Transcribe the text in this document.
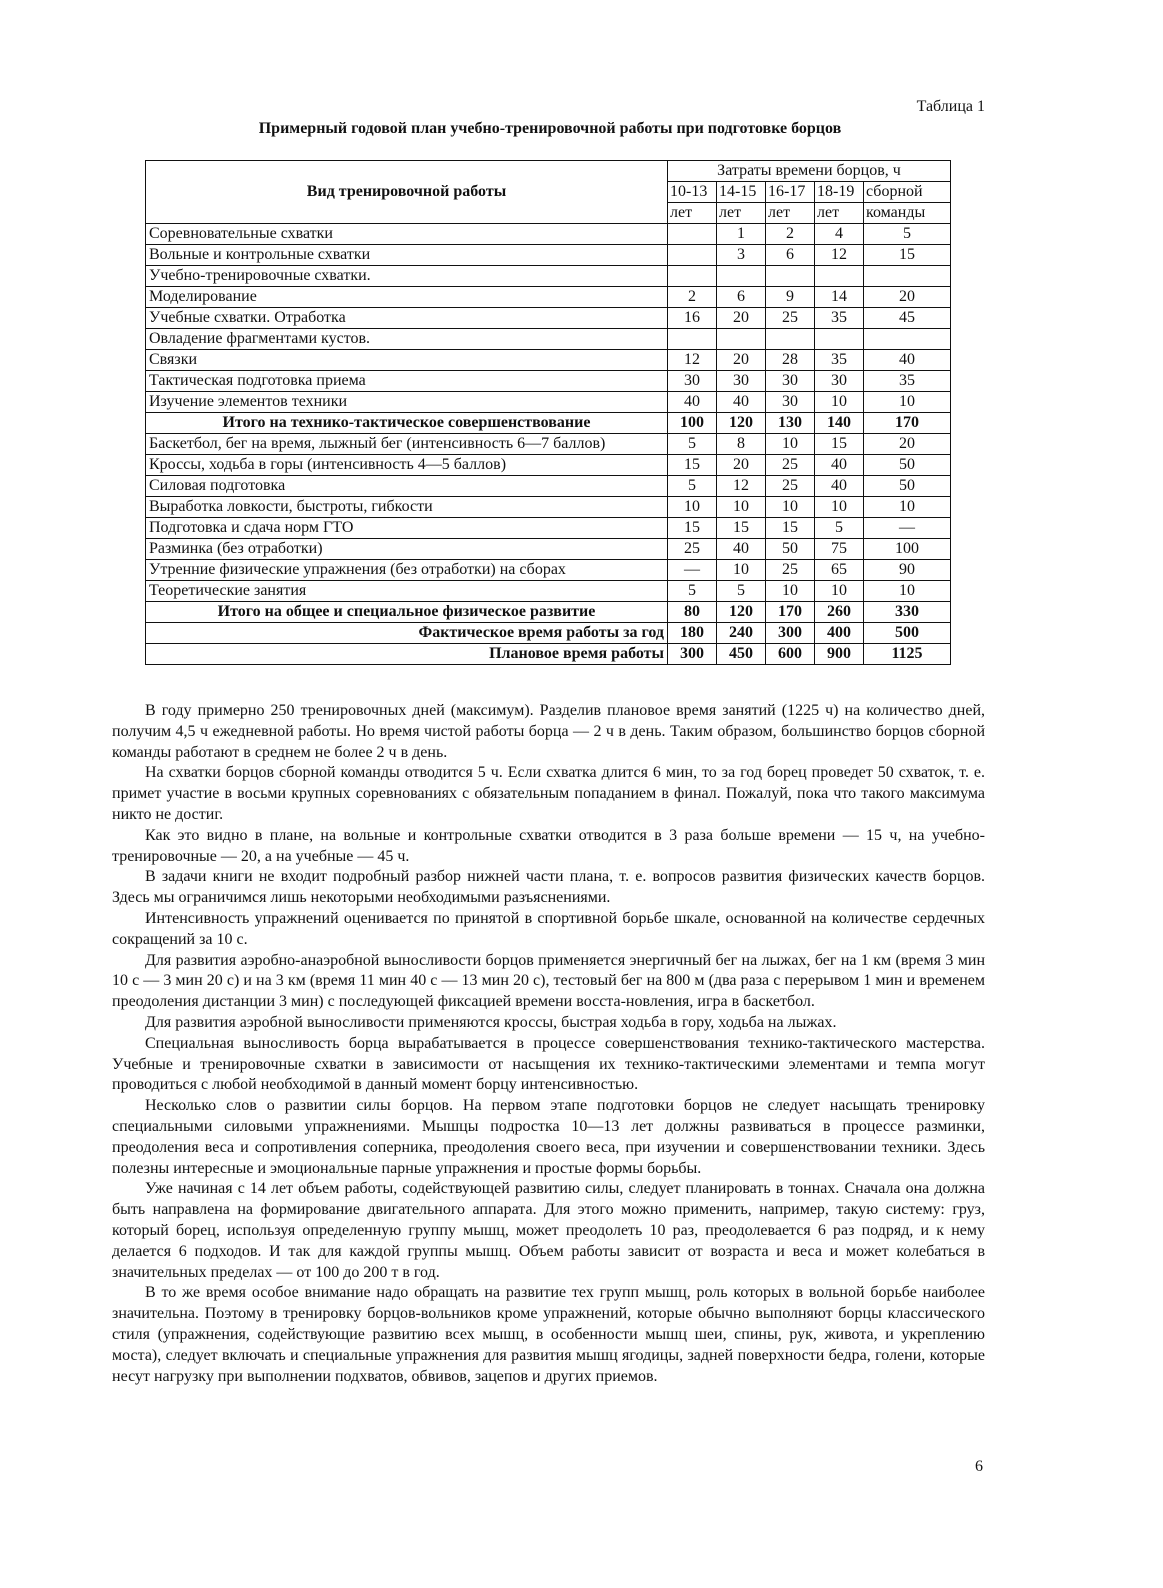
Таблица 1
Примерный годовой план учебно-тренировочной работы при подготовке борцов
Вид тренировочной работы	Затраты времени борцов, ч				
	10-13	14-15	16-17	18-19	сборной
	лет	лет	лет	лет	команды
Соревновательные схватки		1	2	4	5
Вольные и контрольные схватки		3	6	12	15
Учебно-тренировочные схватки.					
Моделирование	2	6	9	14	20
Учебные схватки. Отработка	16	20	25	35	45
Овладение фрагментами кустов.					
Связки	12	20	28	35	40
Тактическая подготовка приема	30	30	30	30	35
Изучение элементов техники	40	40	30	10	10
Итого на технико-тактическое совершенствование	100	120	130	140	170
Баскетбол, бег на время, лыжный бег (интенсивность 6—7 баллов)	5	8	10	15	20
Кроссы, ходьба в горы (интенсивность 4—5 баллов)	15	20	25	40	50
Силовая подготовка	5	12	25	40	50
Выработка ловкости, быстроты, гибкости	10	10	10	10	10
Подготовка и сдача норм ГТО	15	15	15	5	—
Разминка (без отработки)	25	40	50	75	100
Утренние физические упражнения (без отработки) на сборах	—	10	25	65	90
Теоретические занятия	5	5	10	10	10
Итого на общее и специальное физическое развитие	80	120	170	260	330
Фактическое время работы за год	180	240	300	400	500
Плановое время работы	300	450	600	900	1125

В году примерно 250 тренировочных дней (максимум). Разделив плановое время занятий (1225 ч) на количество дней, получим 4,5 ч ежедневной работы. Но время чистой работы борца — 2 ч в день. Таким образом, большинство борцов сборной команды работают в среднем не более 2 ч в день.

На схватки борцов сборной команды отводится 5 ч. Если схватка длится 6 мин, то за год борец проведет 50 схваток, т. е. примет участие в восьми крупных соревнованиях с обязательным попаданием в финал. Пожалуй, пока что такого максимума никто не достиг.

Как это видно в плане, на вольные и контрольные схватки отводится в 3 раза больше времени — 15 ч, на учебно-тренировочные — 20, а на учебные — 45 ч.

В задачи книги не входит подробный разбор нижней части плана, т. е. вопросов развития физических качеств борцов. Здесь мы ограничимся лишь некоторыми необходимыми разъяснениями.

Интенсивность упражнений оценивается по принятой в спортивной борьбе шкале, основанной на количестве сердечных сокращений за 10 с.

Для развития аэробно-анаэробной выносливости борцов применяется энергичный бег на лыжах, бег на 1 км (время 3 мин 10 с — 3 мин 20 с) и на 3 км (время 11 мин 40 с — 13 мин 20 с), тестовый бег на 800 м (два раза с перерывом 1 мин и временем преодоления дистанции 3 мин) с последующей фиксацией времени восста-новления, игра в баскетбол.

Для развития аэробной выносливости применяются кроссы, быстрая ходьба в гору, ходьба на лыжах.

Специальная выносливость борца вырабатывается в процессе совершенствования технико-тактического мастерства. Учебные и тренировочные схватки в зависимости от насыщения их технико-тактическими элементами и темпа могут проводиться с любой необходимой в данный момент борцу интенсивностью.

Несколько слов о развитии силы борцов. На первом этапе подготовки борцов не следует насыщать тренировку специальными силовыми упражнениями. Мышцы подростка 10—13 лет должны развиваться в процессе разминки, преодоления веса и сопротивления соперника, преодоления своего веса, при изучении и совершенствовании техники. Здесь полезны интересные и эмоциональные парные упражнения и простые формы борьбы.

Уже начиная с 14 лет объем работы, содействующей развитию силы, следует планировать в тоннах. Сначала она должна быть направлена на формирование двигательного аппарата. Для этого можно применить, например, такую систему: груз, который борец, используя определенную группу мышц, может преодолеть 10 раз, преодолевается 6 раз подряд, и к нему делается 6 подходов. И так для каждой группы мышц. Объем работы зависит от возраста и веса и может колебаться в значительных пределах — от 100 до 200 т в год.

В то же время особое внимание надо обращать на развитие тех групп мышц, роль которых в вольной борьбе наиболее значительна. Поэтому в тренировку борцов-вольников кроме упражнений, которые обычно выполняют борцы классического стиля (упражнения, содействующие развитию всех мышц, в особенности мышц шеи, спины, рук, живота, и укреплению моста), следует включать и специальные упражнения для развития мышц ягодицы, задней поверхности бедра, голени, которые несут нагрузку при выполнении подхватов, обвивов, зацепов и других приемов.

6
